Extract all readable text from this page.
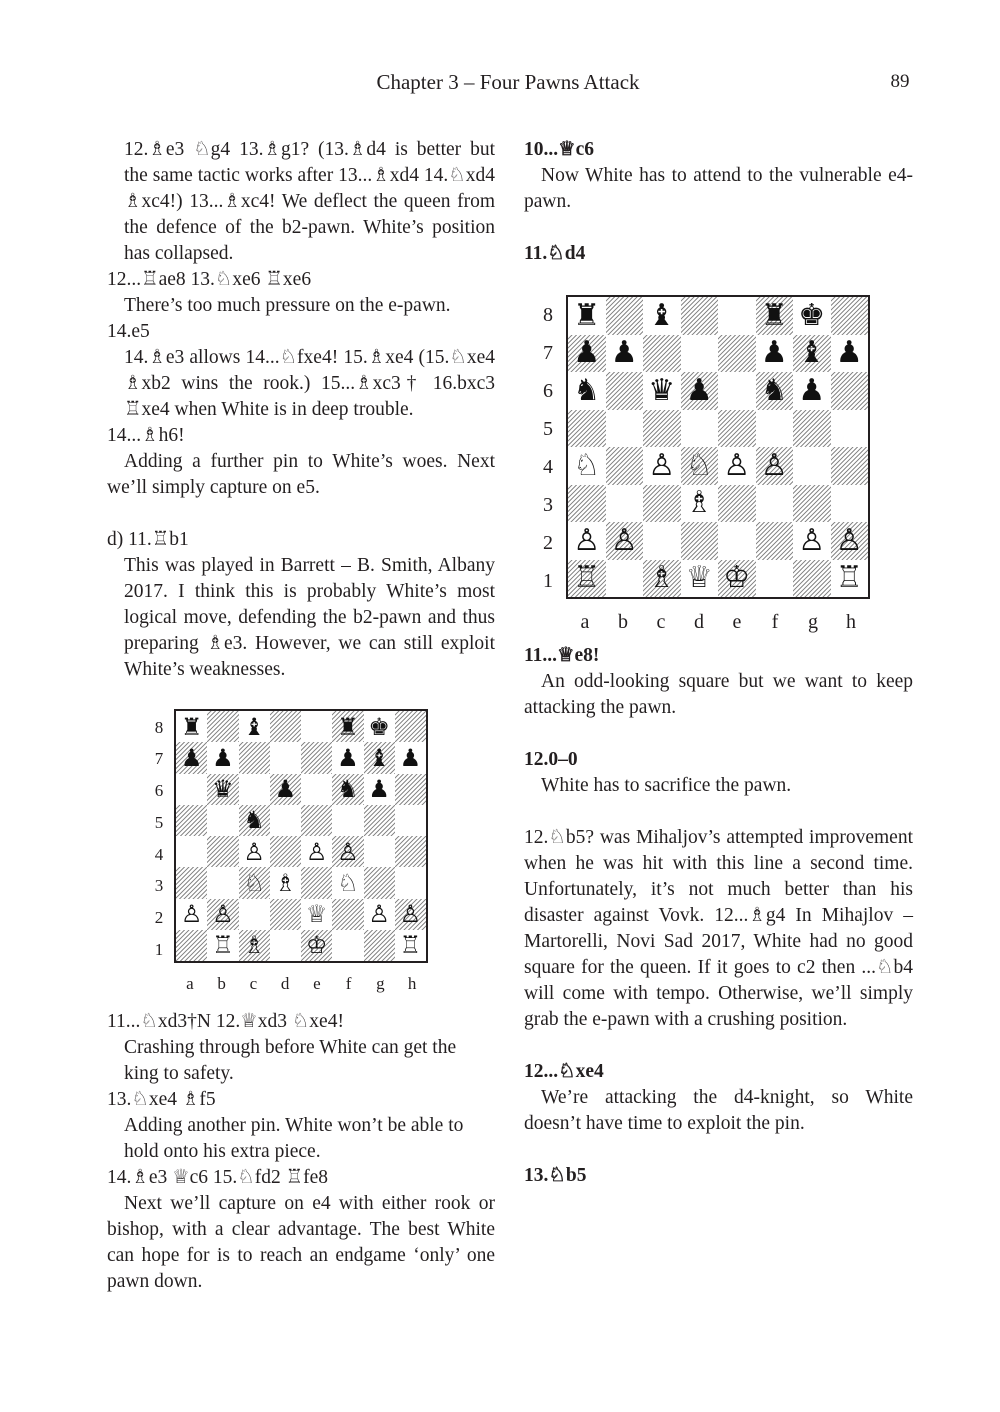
Chapter 3 – Four Pawns Attack	89

12.♗e3 ♘g4 13.♗g1? (13.♗d4 is better but the same tactic works after 13...♗xd4 14.♘xd4 ♗xc4!) 13...♗xc4! We deflect the queen from the defence of the b2-pawn. White’s position has collapsed.

12...♖ae8 13.♘xe6 ♖xe6

There’s too much pressure on the e-pawn.

14.e5

14.♗e3 allows 14...♘fxe4! 15.♗xe4 (15.♘xe4 ♗xb2 wins the rook.) 15...♗xc3† 16.bxc3 ♖xe4 when White is in deep trouble.

14...♗h6!

Adding a further pin to White’s woes. Next we’ll simply capture on e5.

d) 11.♖b1

This was played in Barrett – B. Smith, Albany 2017. I think this is probably White’s most logical move, defending the b2-pawn and thus preparing ♗e3. However, we can still exploit White’s weaknesses.

8
7
6
5
4
3
2
1
♜ ♝	♜ ♚
♟ ♟	♟ ♝ ♟
♛ ♟ ♞ ♟
♞
♙ ♙ ♙
♘ ♗ ♘
♙ ♙	♕ ♙ ♙
♖ ♗ ♔	♖
a	b	c	d	e	f	g	h

11...♘xd3†N 12.♕xd3 ♘xe4!

Crashing through before White can get the king to safety.

13.♘xe4 ♗f5

Adding another pin. White won’t be able to hold onto his extra piece.

14.♗e3 ♕c6 15.♘fd2 ♖fe8

Next we’ll capture on e4 with either rook or bishop, with a clear advantage. The best White can hope for is to reach an endgame ‘only’ one pawn down.

10...♕c6

Now White has to attend to the vulnerable e4-pawn.

11.♘d4

8
7
6
5
4
3
2
1
♜ ♝	♜ ♚
♟ ♟	♟ ♝ ♟
♞ ♛ ♟ ♞ ♟
♘ ♙ ♘ ♙ ♙
♗
♙ ♙	♙ ♙
♖ ♗ ♕ ♔	♖
a	b	c	d	e	f	g	h

11...♕e8!

An odd-looking square but we want to keep attacking the pawn.

12.0–0

White has to sacrifice the pawn.

12.♘b5? was Mihaljov’s attempted improvement when he was hit with this line a second time. Unfortunately, it’s not much better than his disaster against Vovk. 12...♗g4 In Mihajlov – Martorelli, Novi Sad 2017, White had no good square for the queen. If it goes to c2 then ...♘b4 will come with tempo. Otherwise, we’ll simply grab the e-pawn with a crushing position.

12...♘xe4

We’re attacking the d4-knight, so White doesn’t have time to exploit the pin.

13.♘b5
